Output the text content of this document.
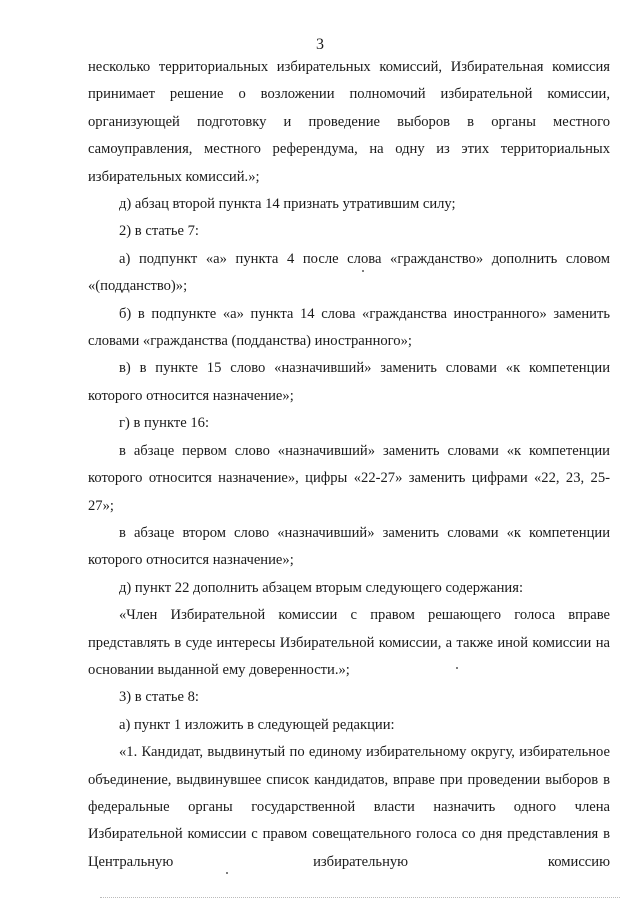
3

несколько территориальных избирательных комиссий, Избирательная комиссия принимает решение о возложении полномочий избирательной комиссии, организующей подготовку и проведение выборов в органы местного самоуправления, местного референдума, на одну из этих территориальных избирательных комиссий.»;

д) абзац второй пункта 14 признать утратившим силу;

2) в статье 7:

а) подпункт «а» пункта 4 после слова «гражданство» дополнить словом «(подданство)»;

б) в подпункте «а» пункта 14 слова «гражданства иностранного» заменить словами «гражданства (подданства) иностранного»;

в) в пункте 15 слово «назначивший» заменить словами «к компетенции которого относится назначение»;

г) в пункте 16:

в абзаце первом слово «назначивший» заменить словами «к компетенции которого относится назначение», цифры «22-27» заменить цифрами «22, 23, 25-27»;

в абзаце втором слово «назначивший» заменить словами «к компетенции которого относится назначение»;

д) пункт 22 дополнить абзацем вторым следующего содержания:

«Член Избирательной комиссии с правом решающего голоса вправе представлять в суде интересы Избирательной комиссии, а также иной комиссии на основании выданной ему доверенности.»;

3) в статье 8:

а) пункт 1 изложить в следующей редакции:

«1. Кандидат, выдвинутый по единому избирательному округу, избирательное объединение, выдвинувшее список кандидатов, вправе при проведении выборов в федеральные органы государственной власти назначить одного члена Избирательной комиссии с правом совещательного голоса со дня представления в Центральную избирательную комиссию
